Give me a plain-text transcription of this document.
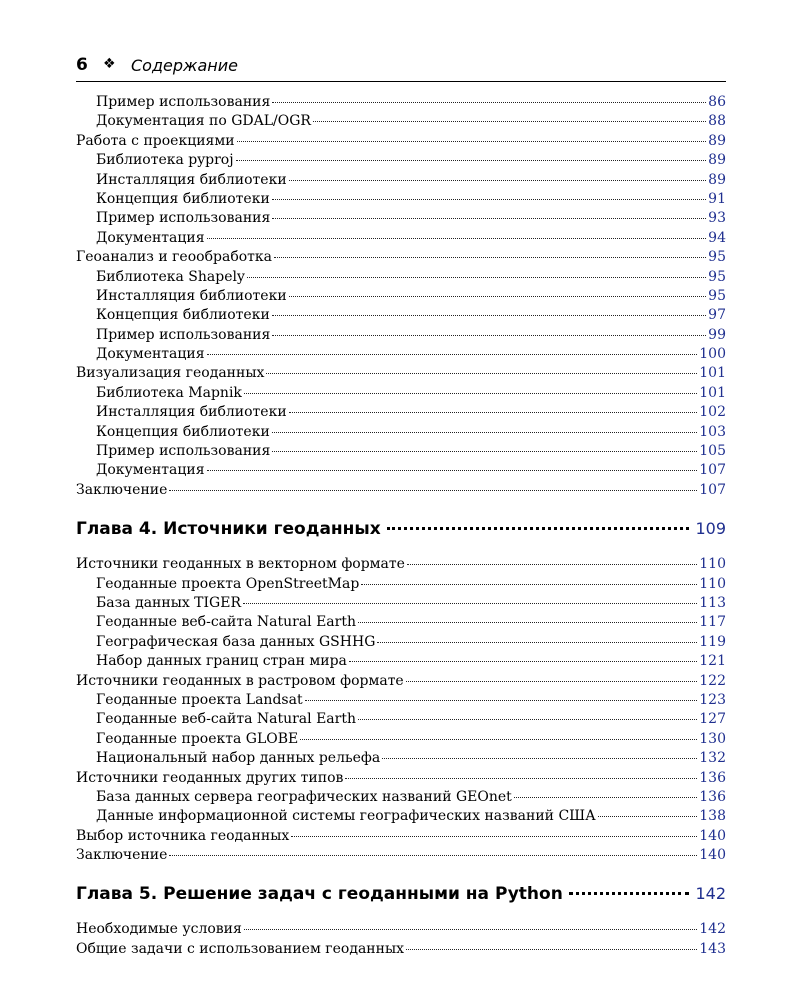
6 ❖ Содержание
Пример использования	86
Документация по GDAL/OGR	88
Работа с проекциями	89
Библиотека pyproj	89
Инсталляция библиотеки	89
Концепция библиотеки	91
Пример использования	93
Документация	94
Геоанализ и геообработка	95
Библиотека Shapely	95
Инсталляция библиотеки	95
Концепция библиотеки	97
Пример использования	99
Документация	100
Визуализация геоданных	101
Библиотека Mapnik	101
Инсталляция библиотеки	102
Концепция библиотеки	103
Пример использования	105
Документация	107
Заключение	107
Глава 4. Источники геоданных	109
Источники геоданных в векторном формате	110
Геоданные проекта OpenStreetMap	110
База данных TIGER	113
Геоданные веб-сайта Natural Earth	117
Географическая база данных GSHHG	119
Набор данных границ стран мира	121
Источники геоданных в растровом формате	122
Геоданные проекта Landsat	123
Геоданные веб-сайта Natural Earth	127
Геоданные проекта GLOBE	130
Национальный набор данных рельефа	132
Источники геоданных других типов	136
База данных сервера географических названий GEOnet	136
Данные информационной системы географических названий США	138
Выбор источника геоданных	140
Заключение	140
Глава 5. Решение задач с геоданными на Python	142
Необходимые условия	142
Общие задачи с использованием геоданных	143
